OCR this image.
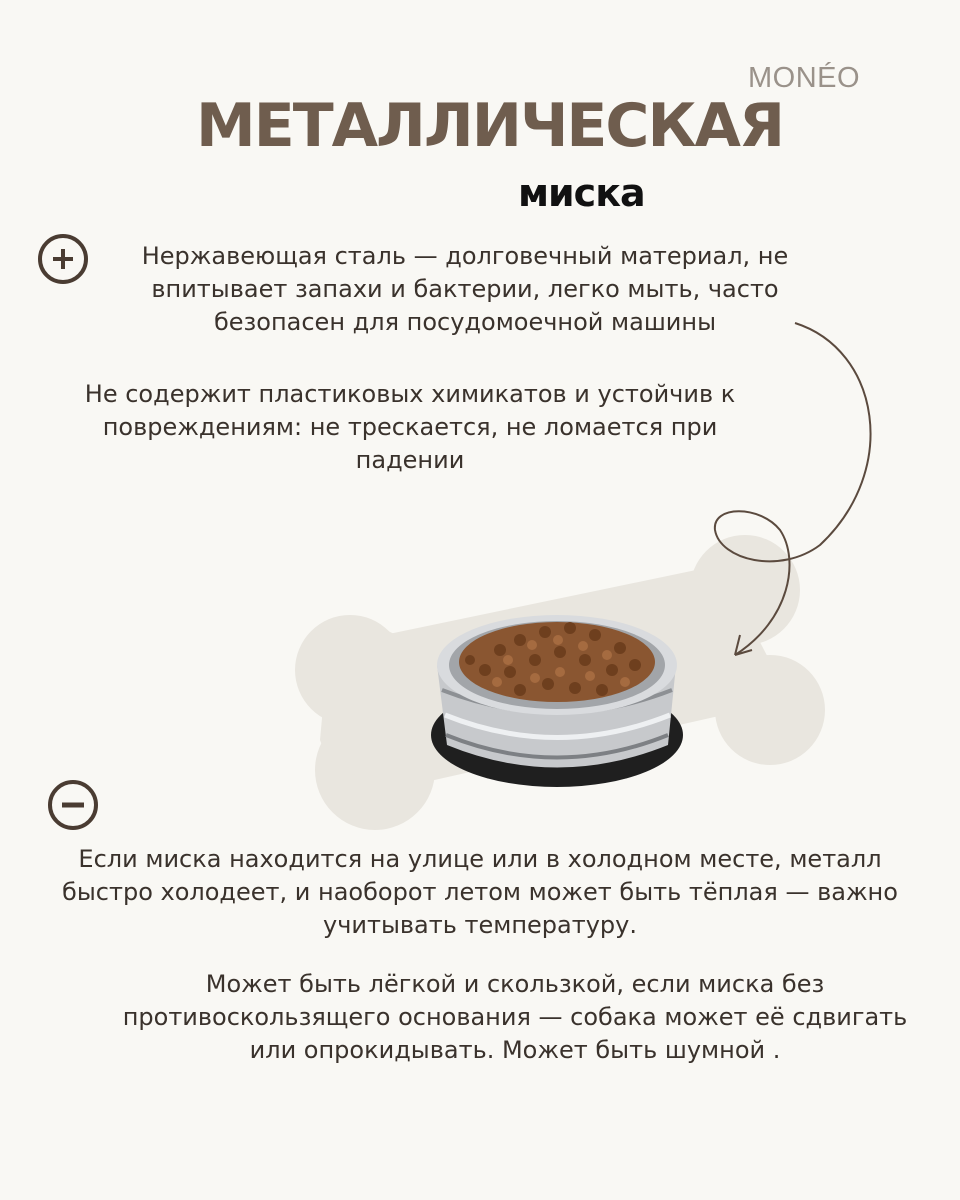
MONÉO
МЕТАЛЛИЧЕСКАЯ
миска
Нержавеющая сталь — долговечный материал, не
впитывает запахи и бактерии, легко мыть, часто
безопасен для посудомоечной машины
Не содержит пластиковых химикатов и устойчив к
повреждениям: не трескается, не ломается при
падении
Если миска находится на улице или в холодном месте, металл
быстро холодеет, и наоборот летом может быть тёплая — важно
учитывать температуру.
Может быть лёгкой и скользкой, если миска без
противоскользящего основания — собака может её сдвигать
или опрокидывать. Может быть шумной .
